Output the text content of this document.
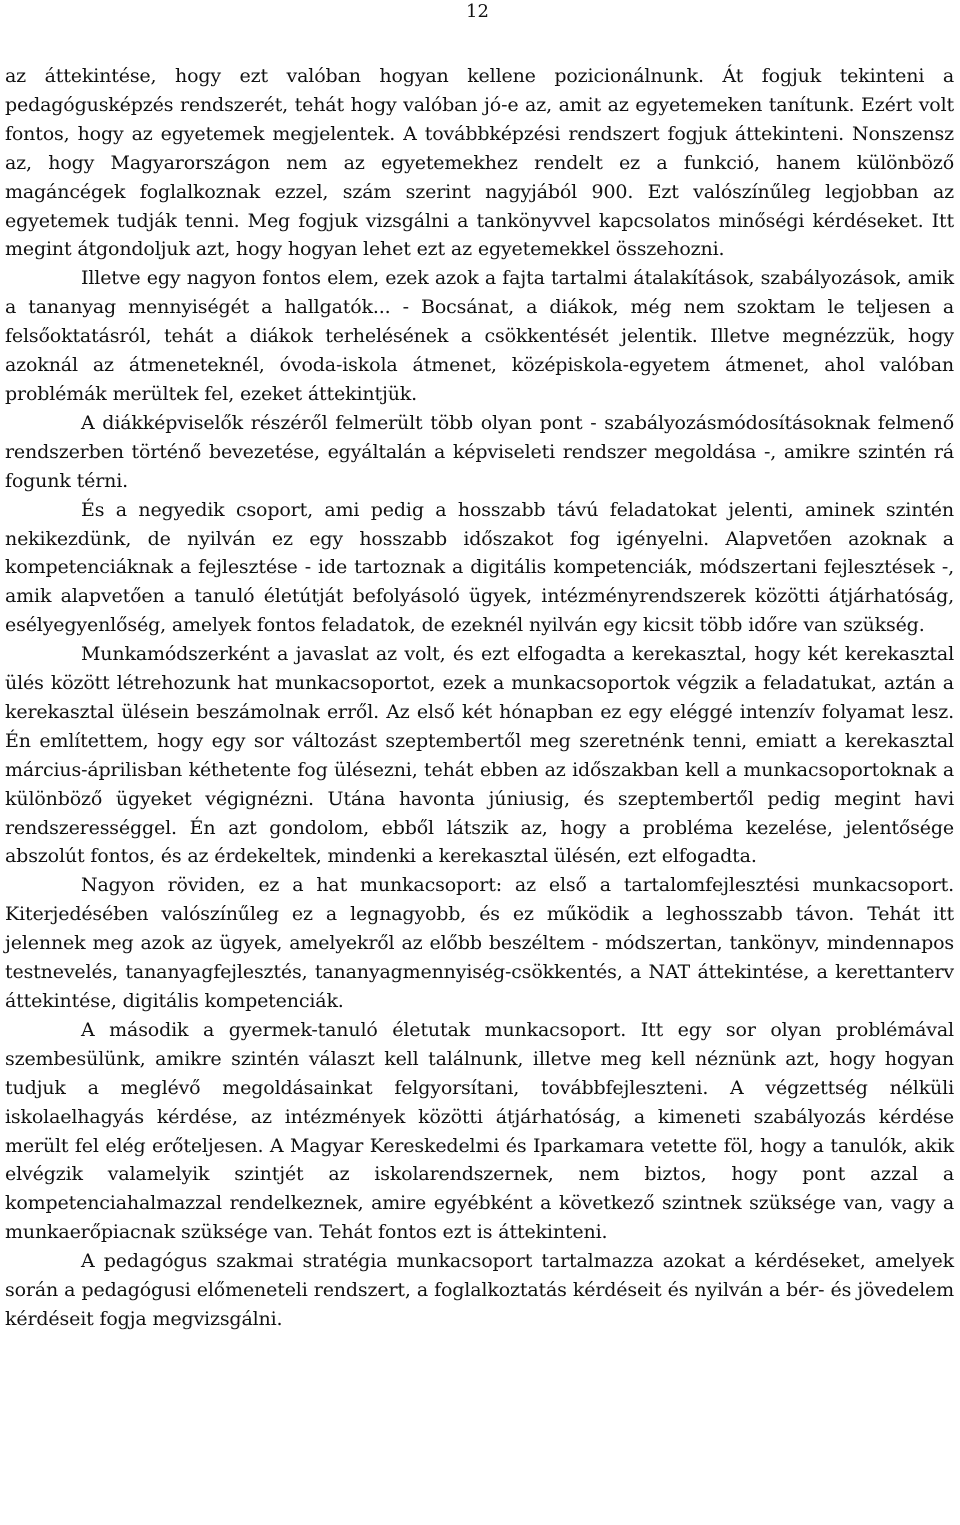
12

az áttekintése, hogy ezt valóban hogyan kellene pozicionálnunk. Át fogjuk tekinteni a pedagógusképzés rendszerét, tehát hogy valóban jó-e az, amit az egyetemeken tanítunk. Ezért volt fontos, hogy az egyetemek megjelentek. A továbbképzési rendszert fogjuk áttekinteni. Nonszensz az, hogy Magyarországon nem az egyetemekhez rendelt ez a funkció, hanem különböző magáncégek foglalkoznak ezzel, szám szerint nagyjából 900. Ezt valószínűleg legjobban az egyetemek tudják tenni. Meg fogjuk vizsgálni a tankönyvvel kapcsolatos minőségi kérdéseket. Itt megint átgondoljuk azt, hogy hogyan lehet ezt az egyetemekkel összehozni.

Illetve egy nagyon fontos elem, ezek azok a fajta tartalmi átalakítások, szabályozások, amik a tananyag mennyiségét a hallgatók... - Bocsánat, a diákok, még nem szoktam le teljesen a felsőoktatásról, tehát a diákok terhelésének a csökkentését jelentik. Illetve megnézzük, hogy azoknál az átmeneteknél, óvoda-iskola átmenet, középiskola-egyetem átmenet, ahol valóban problémák merültek fel, ezeket áttekintjük.

A diákképviselők részéről felmerült több olyan pont - szabályozásmódosításoknak felmenő rendszerben történő bevezetése, egyáltalán a képviseleti rendszer megoldása -, amikre szintén rá fogunk térni.

És a negyedik csoport, ami pedig a hosszabb távú feladatokat jelenti, aminek szintén nekikezdünk, de nyilván ez egy hosszabb időszakot fog igényelni. Alapvetően azoknak a kompetenciáknak a fejlesztése - ide tartoznak a digitális kompetenciák, módszertani fejlesztések -, amik alapvetően a tanuló életútját befolyásoló ügyek, intézményrendszerek közötti átjárhatóság, esélyegyenlőség, amelyek fontos feladatok, de ezeknél nyilván egy kicsit több időre van szükség.

Munkamódszerként a javaslat az volt, és ezt elfogadta a kerekasztal, hogy két kerekasztal ülés között létrehozunk hat munkacsoportot, ezek a munkacsoportok végzik a feladatukat, aztán a kerekasztal ülésein beszámolnak erről. Az első két hónapban ez egy eléggé intenzív folyamat lesz. Én említettem, hogy egy sor változást szeptembertől meg szeretnénk tenni, emiatt a kerekasztal március-áprilisban kéthetente fog ülésezni, tehát ebben az időszakban kell a munkacsoportoknak a különböző ügyeket végignézni. Utána havonta júniusig, és szeptembertől pedig megint havi rendszerességgel. Én azt gondolom, ebből látszik az, hogy a probléma kezelése, jelentősége abszolút fontos, és az érdekeltek, mindenki a kerekasztal ülésén, ezt elfogadta.

Nagyon röviden, ez a hat munkacsoport: az első a tartalomfejlesztési munkacsoport. Kiterjedésében valószínűleg ez a legnagyobb, és ez működik a leghosszabb távon. Tehát itt jelennek meg azok az ügyek, amelyekről az előbb beszéltem - módszertan, tankönyv, mindennapos testnevelés, tananyagfejlesztés, tananyagmennyiség-csökkentés, a NAT áttekintése, a kerettanterv áttekintése, digitális kompetenciák.

A második a gyermek-tanuló életutak munkacsoport. Itt egy sor olyan problémával szembesülünk, amikre szintén választ kell találnunk, illetve meg kell néznünk azt, hogy hogyan tudjuk a meglévő megoldásainkat felgyorsítani, továbbfejleszteni. A végzettség nélküli iskolaelhagyás kérdése, az intézmények közötti átjárhatóság, a kimeneti szabályozás kérdése merült fel elég erőteljesen. A Magyar Kereskedelmi és Iparkamara vetette föl, hogy a tanulók, akik elvégzik valamelyik szintjét az iskolarendszernek, nem biztos, hogy pont azzal a kompetenciahalmazzal rendelkeznek, amire egyébként a következő szintnek szüksége van, vagy a munkaerőpiacnak szüksége van. Tehát fontos ezt is áttekinteni.

A pedagógus szakmai stratégia munkacsoport tartalmazza azokat a kérdéseket, amelyek során a pedagógusi előmeneteli rendszert, a foglalkoztatás kérdéseit és nyilván a bér- és jövedelem kérdéseit fogja megvizsgálni.
